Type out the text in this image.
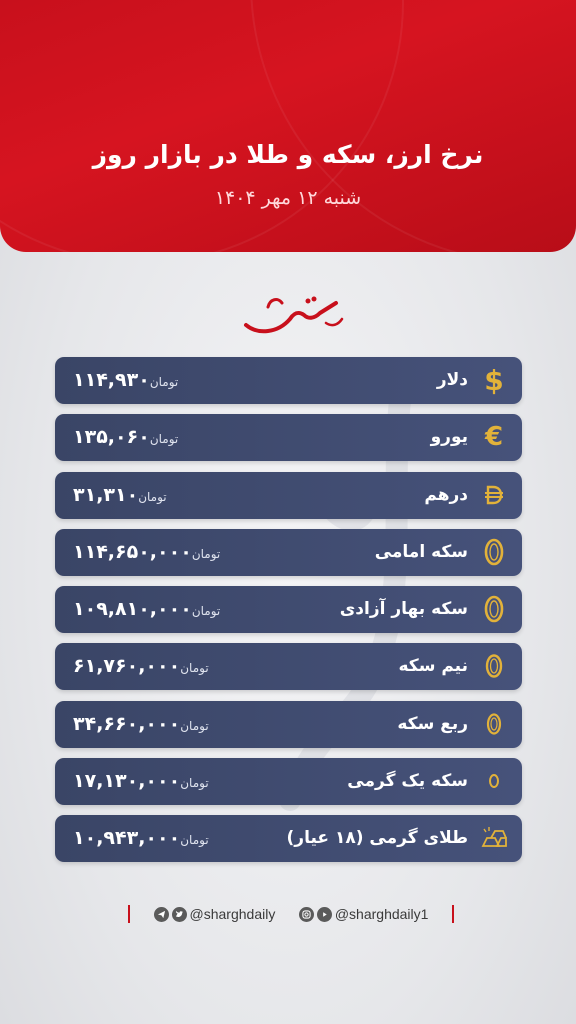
نرخ ارز، سکه و طلا در بازار روز
شنبه ۱۲ مهر ۱۴۰۴
$
دلار
۱۱۴,۹۳۰تومان
€
یورو
۱۳۵,۰۶۰تومان
درهم
۳۱,۳۱۰تومان
سکه امامی
۱۱۴,۶۵۰,۰۰۰تومان
سکه بهار آزادی
۱۰۹,۸۱۰,۰۰۰تومان
نیم سکه
۶۱,۷۶۰,۰۰۰تومان
ربع سکه
۳۴,۶۶۰,۰۰۰تومان
سکه یک گرمی
۱۷,۱۳۰,۰۰۰تومان
طلای گرمی (۱۸ عیار)
۱۰,۹۴۳,۰۰۰تومان
@sharghdaily	@sharghdaily1
